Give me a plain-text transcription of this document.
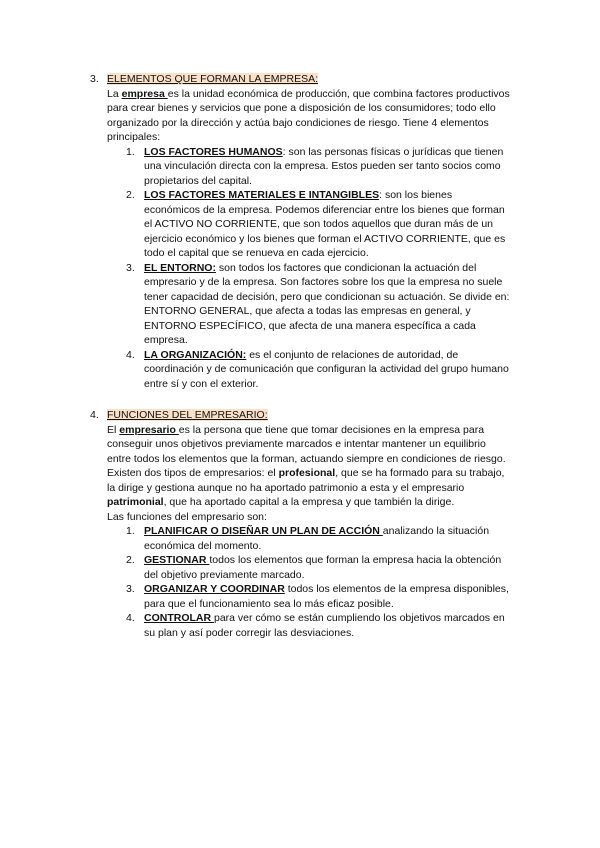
3. ELEMENTOS QUE FORMAN LA EMPRESA:

La empresa es la unidad económica de producción, que combina factores productivos para crear bienes y servicios que pone a disposición de los consumidores; todo ello organizado por la dirección y actúa bajo condiciones de riesgo. Tiene 4 elementos principales:

1. LOS FACTORES HUMANOS: son las personas físicas o jurídicas que tienen una vinculación directa con la empresa. Estos pueden ser tanto socios como propietarios del capital.
2. LOS FACTORES MATERIALES E INTANGIBLES: son los bienes económicos de la empresa. Podemos diferenciar entre los bienes que forman el ACTIVO NO CORRIENTE, que son todos aquellos que duran más de un ejercicio económico y los bienes que forman el ACTIVO CORRIENTE, que es todo el capital que se renueva en cada ejercicio.
3. EL ENTORNO: son todos los factores que condicionan la actuación del empresario y de la empresa. Son factores sobre los que la empresa no suele tener capacidad de decisión, pero que condicionan su actuación. Se divide en: ENTORNO GENERAL, que afecta a todas las empresas en general, y ENTORNO ESPECÍFICO, que afecta de una manera específica a cada empresa.
4. LA ORGANIZACIÓN: es el conjunto de relaciones de autoridad, de coordinación y de comunicación que configuran la actividad del grupo humano entre sí y con el exterior.

4. FUNCIONES DEL EMPRESARIO:

El empresario es la persona que tiene que tomar decisiones en la empresa para conseguir unos objetivos previamente marcados e intentar mantener un equilibrio entre todos los elementos que la forman, actuando siempre en condiciones de riesgo.

Existen dos tipos de empresarios: el profesional, que se ha formado para su trabajo, la dirige y gestiona aunque no ha aportado patrimonio a esta y el empresario patrimonial, que ha aportado capital a la empresa y que también la dirige.

Las funciones del empresario son:

1. PLANIFICAR O DISEÑAR UN PLAN DE ACCIÓN analizando la situación económica del momento.
2. GESTIONAR todos los elementos que forman la empresa hacia la obtención del objetivo previamente marcado.
3. ORGANIZAR Y COORDINAR todos los elementos de la empresa disponibles, para que el funcionamiento sea lo más eficaz posible.
4. CONTROLAR para ver cómo se están cumpliendo los objetivos marcados en su plan y así poder corregir las desviaciones.
